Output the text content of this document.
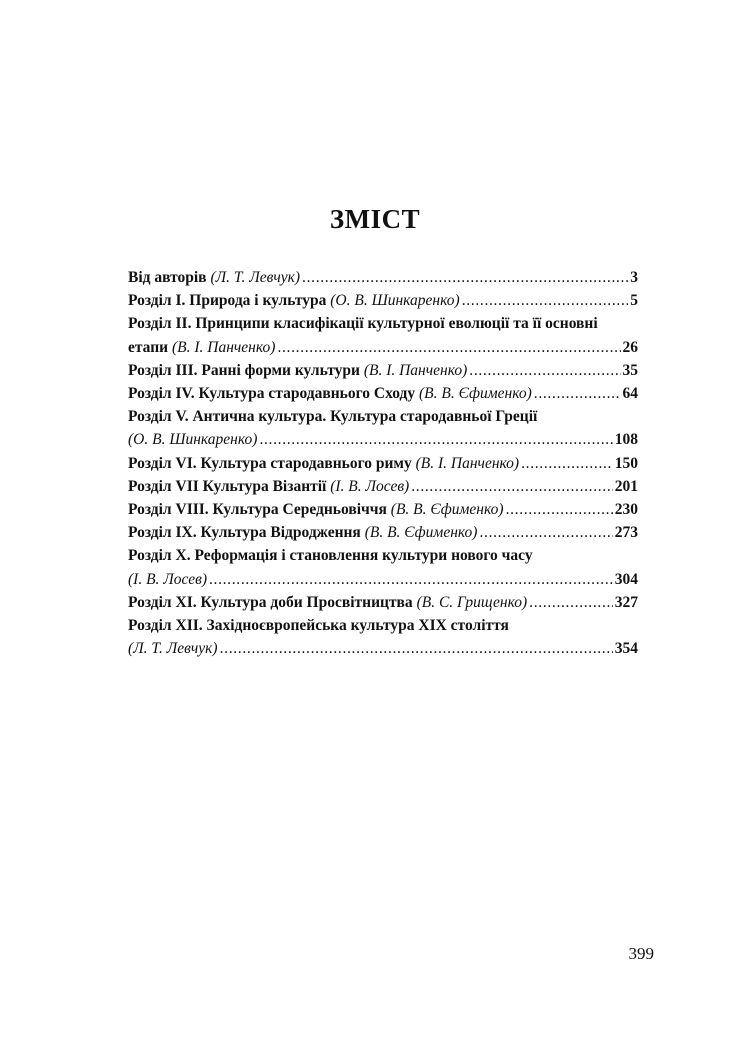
ЗМІСТ
Від авторів (Л. Т. Левчук) . . .	3
Розділ І. Природа і культура (О. В. Шинкаренко) . . .	5
Розділ ІІ. Принципи класифікації культурної еволюції та її основні
етапи (В. І. Панченко) . . .	26
Розділ ІІІ. Ранні форми культури (В. І. Панченко) . . .	35
Розділ IV. Культура стародавнього Сходу (В. В. Єфименко) . . .	64
Розділ V. Антична культура. Культура стародавньої Греції
(О. В. Шинкаренко) . . .	108
Розділ VI. Культура стародавнього риму (В. І. Панченко) . . .	150
Розділ VII Культура Візантії (І. В. Лосев) . . .	201
Розділ VIII. Культура Середньовіччя (В. В. Єфименко) . . .	230
Розділ ІХ. Культура Відродження (В. В. Єфименко) . . .	273
Розділ Х. Реформація і становлення культури нового часу
(І. В. Лосев) . . .	304
Розділ ХІ. Культура доби Просвітництва (В. С. Грищенко) . . .	327
Розділ ХІІ. Західноєвропейська культура ХІХ століття
(Л. Т. Левчук) . . .	354
399
